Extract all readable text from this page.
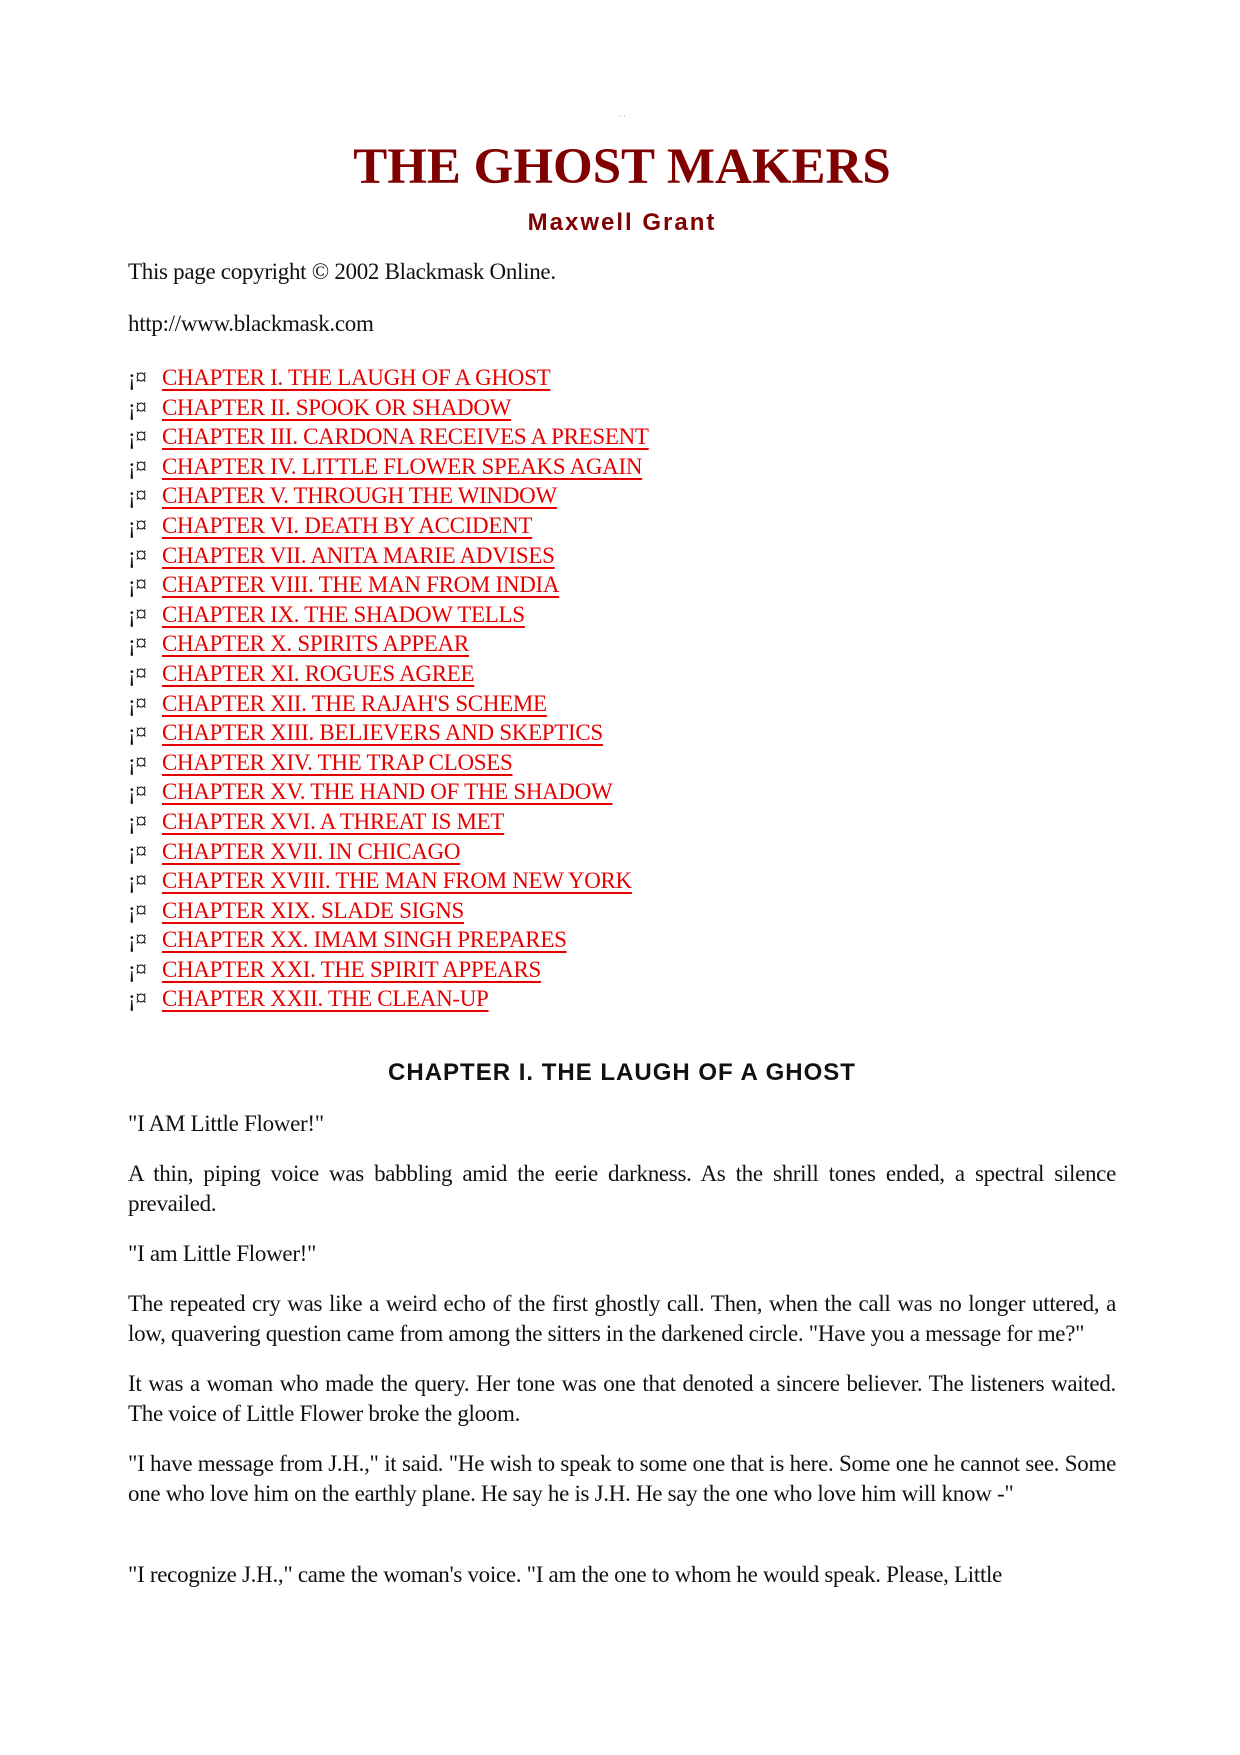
· ·
THE GHOST MAKERS
Maxwell Grant

This page copyright © 2002 Blackmask Online.

http://www.blackmask.com

¡¤ CHAPTER I. THE LAUGH OF A GHOST
¡¤ CHAPTER II. SPOOK OR SHADOW
¡¤ CHAPTER III. CARDONA RECEIVES A PRESENT
¡¤ CHAPTER IV. LITTLE FLOWER SPEAKS AGAIN
¡¤ CHAPTER V. THROUGH THE WINDOW
¡¤ CHAPTER VI. DEATH BY ACCIDENT
¡¤ CHAPTER VII. ANITA MARIE ADVISES
¡¤ CHAPTER VIII. THE MAN FROM INDIA
¡¤ CHAPTER IX. THE SHADOW TELLS
¡¤ CHAPTER X. SPIRITS APPEAR
¡¤ CHAPTER XI. ROGUES AGREE
¡¤ CHAPTER XII. THE RAJAH'S SCHEME
¡¤ CHAPTER XIII. BELIEVERS AND SKEPTICS
¡¤ CHAPTER XIV. THE TRAP CLOSES
¡¤ CHAPTER XV. THE HAND OF THE SHADOW
¡¤ CHAPTER XVI. A THREAT IS MET
¡¤ CHAPTER XVII. IN CHICAGO
¡¤ CHAPTER XVIII. THE MAN FROM NEW YORK
¡¤ CHAPTER XIX. SLADE SIGNS
¡¤ CHAPTER XX. IMAM SINGH PREPARES
¡¤ CHAPTER XXI. THE SPIRIT APPEARS
¡¤ CHAPTER XXII. THE CLEAN-UP
CHAPTER I. THE LAUGH OF A GHOST

"I AM Little Flower!"

A thin, piping voice was babbling amid the eerie darkness. As the shrill tones ended, a spectral silence prevailed.

"I am Little Flower!"

The repeated cry was like a weird echo of the first ghostly call. Then, when the call was no longer uttered, a low, quavering question came from among the sitters in the darkened circle. "Have you a message for me?"

It was a woman who made the query. Her tone was one that denoted a sincere believer. The listeners waited. The voice of Little Flower broke the gloom.

"I have message from J.H.," it said. "He wish to speak to some one that is here. Some one he cannot see. Some one who love him on the earthly plane. He say he is J.H. He say the one who love him will know -"

"I recognize J.H.," came the woman's voice. "I am the one to whom he would speak. Please, Little
